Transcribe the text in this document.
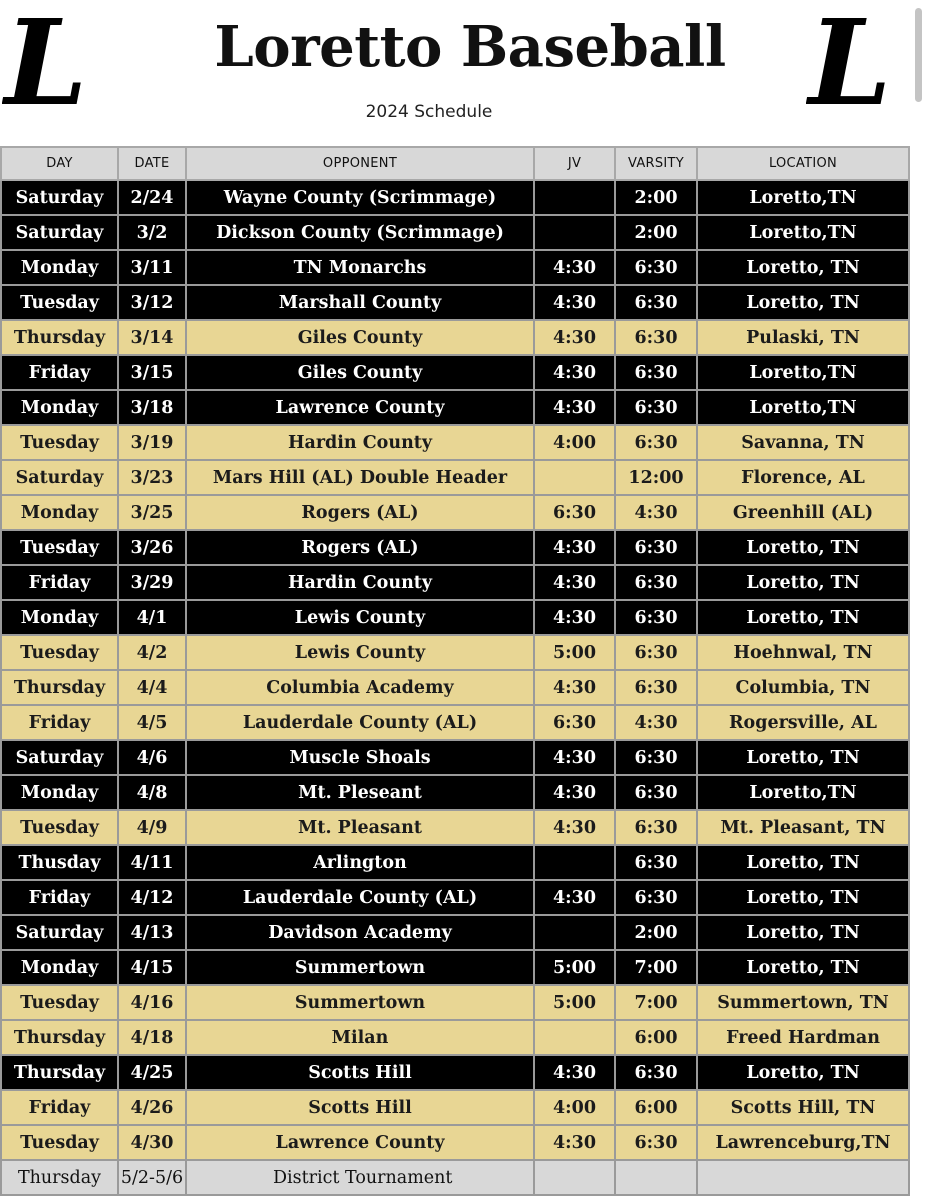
L	L
Loretto Baseball
2024 Schedule
DAY	DATE	OPPONENT	JV	VARSITY	LOCATION
Saturday	2/24	Wayne County (Scrimmage)		2:00	Loretto,TN
Saturday	3/2	Dickson County (Scrimmage)		2:00	Loretto,TN
Monday	3/11	TN Monarchs	4:30	6:30	Loretto, TN
Tuesday	3/12	Marshall County	4:30	6:30	Loretto, TN
Thursday	3/14	Giles County	4:30	6:30	Pulaski, TN
Friday	3/15	Giles County	4:30	6:30	Loretto,TN
Monday	3/18	Lawrence County	4:30	6:30	Loretto,TN
Tuesday	3/19	Hardin County	4:00	6:30	Savanna, TN
Saturday	3/23	Mars Hill (AL) Double Header		12:00	Florence, AL
Monday	3/25	Rogers (AL)	6:30	4:30	Greenhill (AL)
Tuesday	3/26	Rogers (AL)	4:30	6:30	Loretto, TN
Friday	3/29	Hardin County	4:30	6:30	Loretto, TN
Monday	4/1	Lewis County	4:30	6:30	Loretto, TN
Tuesday	4/2	Lewis County	5:00	6:30	Hoehnwal, TN
Thursday	4/4	Columbia Academy	4:30	6:30	Columbia, TN
Friday	4/5	Lauderdale County (AL)	6:30	4:30	Rogersville, AL
Saturday	4/6	Muscle Shoals	4:30	6:30	Loretto, TN
Monday	4/8	Mt. Pleseant	4:30	6:30	Loretto,TN
Tuesday	4/9	Mt. Pleasant	4:30	6:30	Mt. Pleasant, TN
Thusday	4/11	Arlington		6:30	Loretto, TN
Friday	4/12	Lauderdale County (AL)	4:30	6:30	Loretto, TN
Saturday	4/13	Davidson Academy		2:00	Loretto, TN
Monday	4/15	Summertown	5:00	7:00	Loretto, TN
Tuesday	4/16	Summertown	5:00	7:00	Summertown, TN
Thursday	4/18	Milan		6:00	Freed Hardman
Thursday	4/25	Scotts Hill	4:30	6:30	Loretto, TN
Friday	4/26	Scotts Hill	4:00	6:00	Scotts Hill, TN
Tuesday	4/30	Lawrence County	4:30	6:30	Lawrenceburg,TN
Thursday	5/2-5/6	District Tournament			
